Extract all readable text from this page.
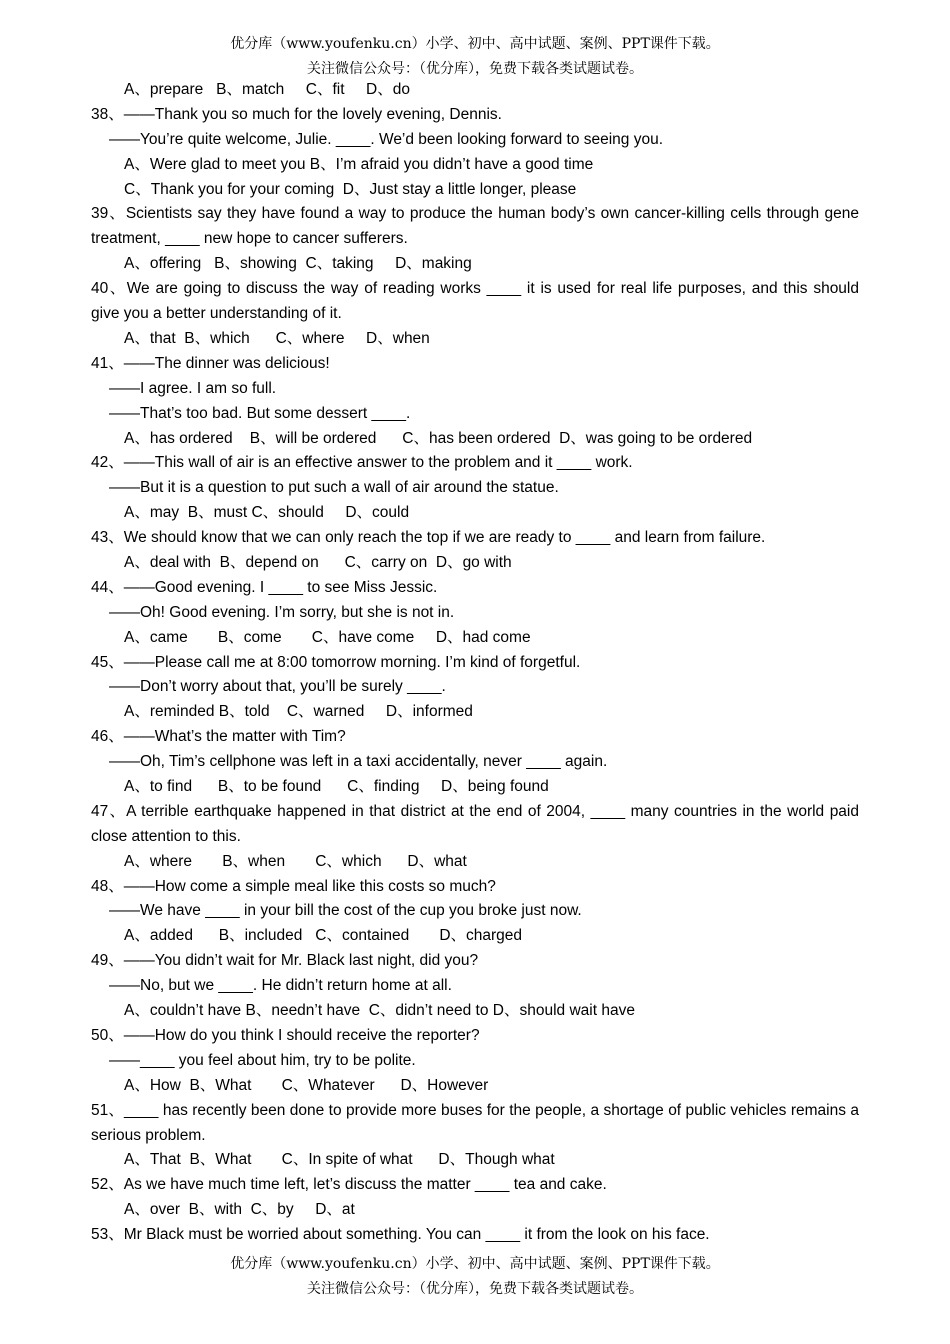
优分库（www.youfenku.cn）小学、初中、高中试题、案例、PPT课件下载。
关注微信公众号：（优分库），免费下载各类试题试卷。
A、prepare   B、match     C、fit     D、do
38、——Thank you so much for the lovely evening, Dennis.
——You’re quite welcome, Julie. ____. We’d been looking forward to seeing you.
A、Were glad to meet you B、I’m afraid you didn’t have a good time
C、Thank you for your coming  D、Just stay a little longer, please
39、Scientists say they have found a way to produce the human body’s own cancer-killing cells through gene treatment, ____ new hope to cancer sufferers.
A、offering   B、showing  C、taking     D、making
40、We are going to discuss the way of reading works ____ it is used for real life purposes, and this should give you a better understanding of it.
A、that  B、which      C、where     D、when
41、——The dinner was delicious!
——I agree. I am so full.
——That’s too bad. But some dessert ____.
A、has ordered    B、will be ordered      C、has been ordered  D、was going to be ordered
42、——This wall of air is an effective answer to the problem and it ____ work.
——But it is a question to put such a wall of air around the statue.
A、may  B、must C、should     D、could
43、We should know that we can only reach the top if we are ready to ____ and learn from failure.
A、deal with  B、depend on      C、carry on  D、go with
44、——Good evening. I ____ to see Miss Jessic.
——Oh! Good evening. I’m sorry, but she is not in.
A、came       B、come       C、have come     D、had come
45、——Please call me at 8:00 tomorrow morning. I’m kind of forgetful.
——Don’t worry about that, you’ll be surely ____.
A、reminded B、told    C、warned     D、informed
46、——What’s the matter with Tim?
——Oh, Tim’s cellphone was left in a taxi accidentally, never ____ again.
A、to find      B、to be found      C、finding     D、being found
47、A terrible earthquake happened in that district at the end of 2004, ____ many countries in the world paid close attention to this.
A、where       B、when       C、which      D、what
48、——How come a simple meal like this costs so much?
——We have ____ in your bill the cost of the cup you broke just now.
A、added      B、included   C、contained       D、charged
49、——You didn’t wait for Mr. Black last night, did you?
——No, but we ____. He didn’t return home at all.
A、couldn’t have B、needn’t have  C、didn’t need to D、should wait have
50、——How do you think I should receive the reporter?
——____ you feel about him, try to be polite.
A、How  B、What       C、Whatever      D、However
51、____ has recently been done to provide more buses for the people, a shortage of public vehicles remains a serious problem.
A、That  B、What       C、In spite of what      D、Though what
52、As we have much time left, let’s discuss the matter ____ tea and cake.
A、over  B、with  C、by     D、at
53、Mr Black must be worried about something. You can ____ it from the look on his face.
优分库（www.youfenku.cn）小学、初中、高中试题、案例、PPT课件下载。
关注微信公众号：（优分库），免费下载各类试题试卷。
